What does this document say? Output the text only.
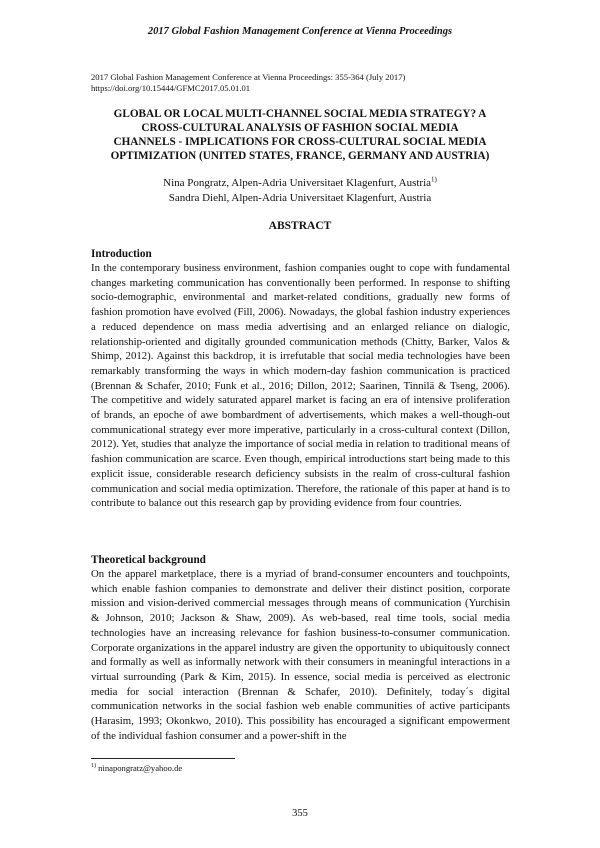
2017 Global Fashion Management Conference at Vienna Proceedings
2017 Global Fashion Management Conference at Vienna Proceedings: 355-364 (July 2017)
https://doi.org/10.15444/GFMC2017.05.01.01
GLOBAL OR LOCAL MULTI-CHANNEL SOCIAL MEDIA STRATEGY? A
CROSS-CULTURAL ANALYSIS OF FASHION SOCIAL MEDIA
CHANNELS - IMPLICATIONS FOR CROSS-CULTURAL SOCIAL MEDIA
OPTIMIZATION (UNITED STATES, FRANCE, GERMANY AND AUSTRIA)
Nina Pongratz, Alpen-Adria Universitaet Klagenfurt, Austria$^{1)}$
Sandra Diehl, Alpen-Adria Universitaet Klagenfurt, Austria
ABSTRACT
Introduction

In the contemporary business environment, fashion companies ought to cope with fundamental changes marketing communication has conventionally been performed. In response to shifting socio-demographic, environmental and market-related conditions, gradually new forms of fashion promotion have evolved (Fill, 2006). Nowadays, the global fashion industry experiences a reduced dependence on mass media advertising and an enlarged reliance on dialogic, relationship-oriented and digitally grounded communication methods (Chitty, Barker, Valos & Shimp, 2012). Against this backdrop, it is irrefutable that social media technologies have been remarkably transforming the ways in which modern-day fashion communication is practiced (Brennan & Schafer, 2010; Funk et al., 2016; Dillon, 2012; Saarinen, Tinnilä & Tseng, 2006). The competitive and widely saturated apparel market is facing an era of intensive proliferation of brands, an epoche of awe bombardment of advertisements, which makes a well-though-out communicational strategy ever more imperative, particularly in a cross-cultural context (Dillon, 2012). Yet, studies that analyze the importance of social media in relation to traditional means of fashion communication are scarce. Even though, empirical introductions start being made to this explicit issue, considerable research deficiency subsists in the realm of cross-cultural fashion communication and social media optimization. Therefore, the rationale of this paper at hand is to contribute to balance out this research gap by providing evidence from four countries.

Theoretical background

On the apparel marketplace, there is a myriad of brand-consumer encounters and touchpoints, which enable fashion companies to demonstrate and deliver their distinct position, corporate mission and vision-derived commercial messages through means of communication (Yurchisin & Johnson, 2010; Jackson & Shaw, 2009). As web-based, real time tools, social media technologies have an increasing relevance for fashion business-to-consumer communication. Corporate organizations in the apparel industry are given the opportunity to ubiquitously connect and formally as well as informally network with their consumers in meaningful interactions in a virtual surrounding (Park & Kim, 2015). In essence, social media is perceived as electronic media for social interaction (Brennan & Schafer, 2010). Definitely, today´s digital communication networks in the social fashion web enable communities of active participants (Harasim, 1993; Okonkwo, 2010). This possibility has encouraged a significant empowerment of the individual fashion consumer and a power-shift in the

$^{1)}$ ninapongratz@yahoo.de
355
